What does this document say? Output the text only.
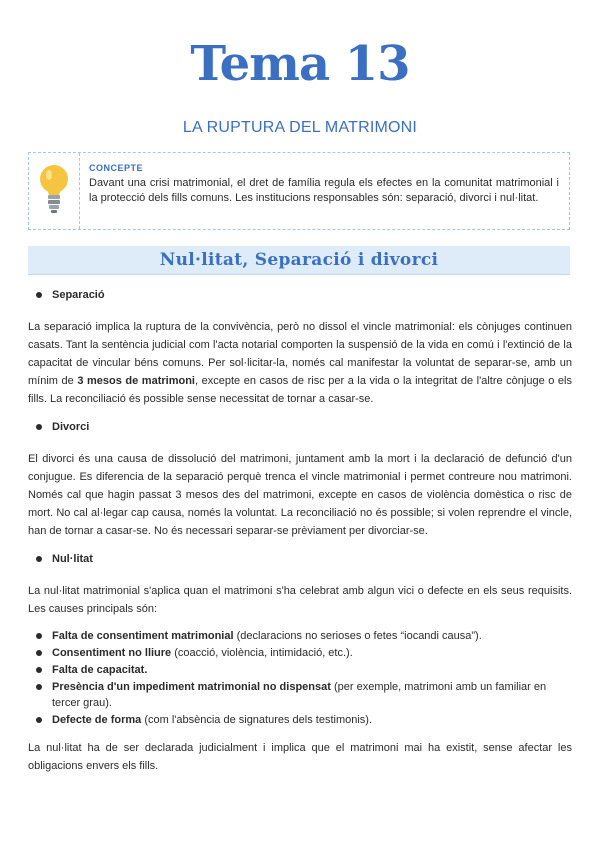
Tema 13
LA RUPTURA DEL MATRIMONI
CONCEPTE

Davant una crisi matrimonial, el dret de família regula els efectes en la comunitat matrimonial i la protecció dels fills comuns. Les institucions responsables són: separació, divorci i nul·litat.

Nul·litat, Separació i divorci

Separació

La separació implica la ruptura de la convivència, però no dissol el vincle matrimonial: els cònjuges continuen casats. Tant la sentència judicial com l'acta notarial comporten la suspensió de la vida en comú i l'extinció de la capacitat de vincular béns comuns. Per sol·licitar-la, només cal manifestar la voluntat de separar-se, amb un mínim de 3 mesos de matrimoni, excepte en casos de risc per a la vida o la integritat de l'altre cònjuge o els fills. La reconciliació és possible sense necessitat de tornar a casar-se.

Divorci

El divorci és una causa de dissolució del matrimoni, juntament amb la mort i la declaració de defunció d'un conjugue. Es diferencia de la separació perquè trenca el vincle matrimonial i permet contreure nou matrimoni. Només cal que hagin passat 3 mesos des del matrimoni, excepte en casos de violència domèstica o risc de mort. No cal al·legar cap causa, només la voluntat. La reconciliació no és possible; si volen reprendre el vincle, han de tornar a casar-se. No és necessari separar-se prèviament per divorciar-se.

Nul·litat

La nul·litat matrimonial s'aplica quan el matrimoni s'ha celebrat amb algun vici o defecte en els seus requisits. Les causes principals són:

Falta de consentiment matrimonial (declaracions no serioses o fetes “iocandi causa”).
Consentiment no lliure (coacció, violència, intimidació, etc.).
Falta de capacitat.
Presència d'un impediment matrimonial no dispensat (per exemple, matrimoni amb un familiar en tercer grau).
Defecte de forma (com l'absència de signatures dels testimonis).

La nul·litat ha de ser declarada judicialment i implica que el matrimoni mai ha existit, sense afectar les obligacions envers els fills.
